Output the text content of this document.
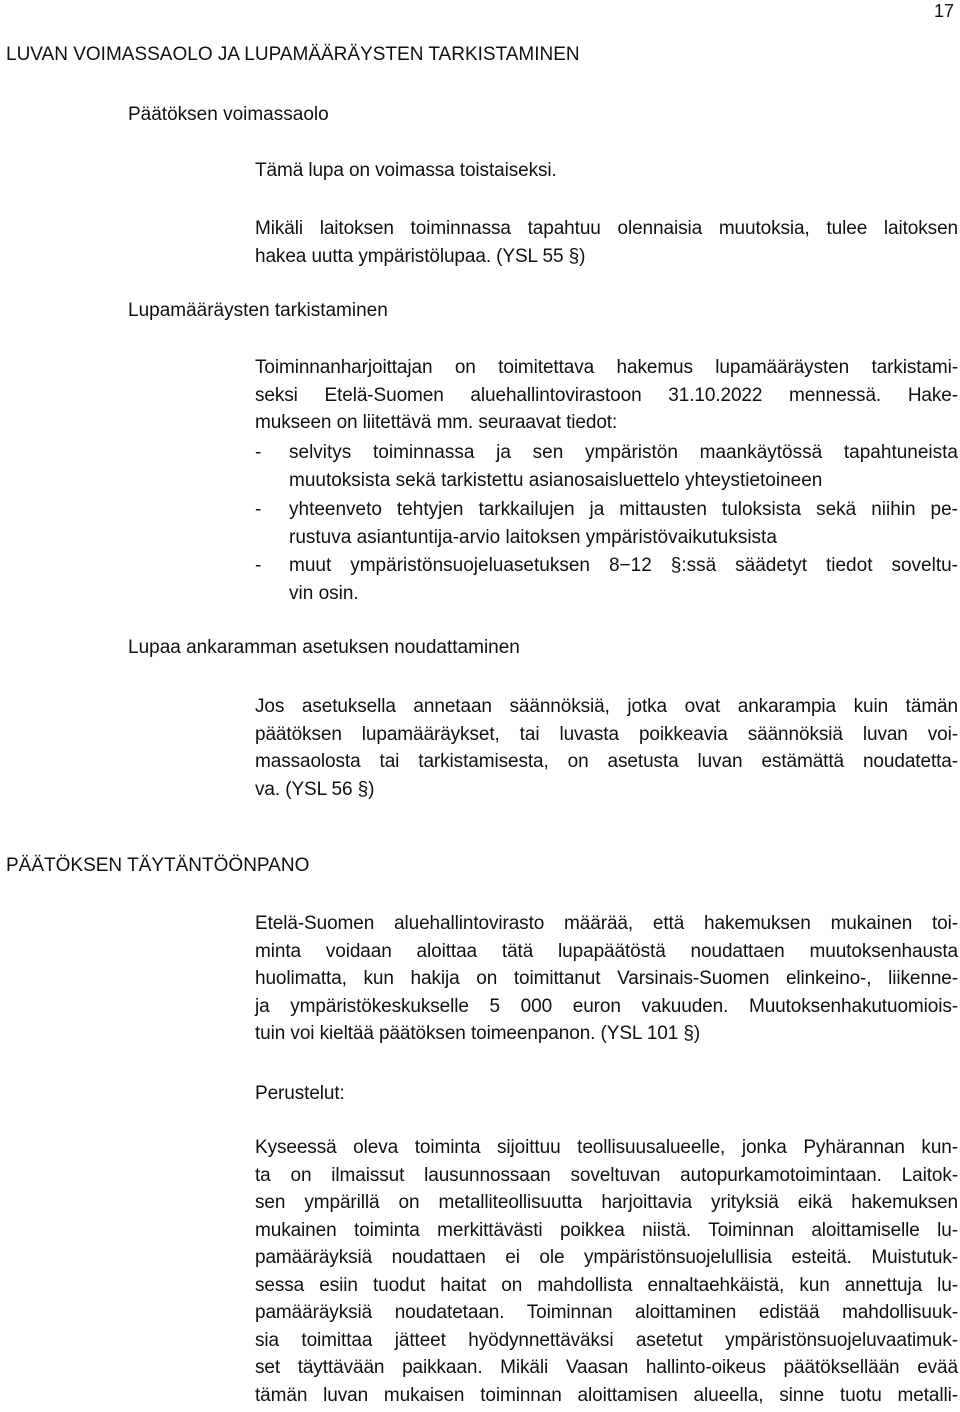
17
LUVAN VOIMASSAOLO JA LUPAMÄÄRÄYSTEN TARKISTAMINEN
Päätöksen voimassaolo
Tämä lupa on voimassa toistaiseksi.
Mikäli laitoksen toiminnassa tapahtuu olennaisia muutoksia, tulee laitoksen
hakea uutta ympäristölupaa. (YSL 55 §)
Lupamääräysten tarkistaminen
Toiminnanharjoittajan on toimitettava hakemus lupamääräysten tarkistami-
seksi Etelä-Suomen aluehallintovirastoon 31.10.2022 mennessä. Hake-
mukseen on liitettävä mm. seuraavat tiedot:
- selvitys toiminnassa ja sen ympäristön maankäytössä tapahtuneista
muutoksista sekä tarkistettu asianosaisluettelo yhteystietoineen
- yhteenveto tehtyjen tarkkailujen ja mittausten tuloksista sekä niihin pe-
rustuva asiantuntija-arvio laitoksen ympäristövaikutuksista
- muut ympäristönsuojeluasetuksen 8−12 §:ssä säädetyt tiedot soveltu-
vin osin.
Lupaa ankaramman asetuksen noudattaminen
Jos asetuksella annetaan säännöksiä, jotka ovat ankarampia kuin tämän
päätöksen lupamääräykset, tai luvasta poikkeavia säännöksiä luvan voi-
massaolosta tai tarkistamisesta, on asetusta luvan estämättä noudatetta-
va. (YSL 56 §)
PÄÄTÖKSEN TÄYTÄNTÖÖNPANO
Etelä-Suomen aluehallintovirasto määrää, että hakemuksen mukainen toi-
minta voidaan aloittaa tätä lupapäätöstä noudattaen muutoksenhausta
huolimatta, kun hakija on toimittanut Varsinais-Suomen elinkeino-, liikenne-
ja ympäristökeskukselle 5 000 euron vakuuden. Muutoksenhakutuomiois-
tuin voi kieltää päätöksen toimeenpanon. (YSL 101 §)
Perustelut:
Kyseessä oleva toiminta sijoittuu teollisuusalueelle, jonka Pyhärannan kun-
ta on ilmaissut lausunnossaan soveltuvan autopurkamotoimintaan. Laitok-
sen ympärillä on metalliteollisuutta harjoittavia yrityksiä eikä hakemuksen
mukainen toiminta merkittävästi poikkea niistä. Toiminnan aloittamiselle lu-
pamääräyksiä noudattaen ei ole ympäristönsuojelullisia esteitä. Muistutuk-
sessa esiin tuodut haitat on mahdollista ennaltaehkäistä, kun annettuja lu-
pamääräyksiä noudatetaan. Toiminnan aloittaminen edistää mahdollisuuk-
sia toimittaa jätteet hyödynnettäväksi asetetut ympäristönsuojeluvaatimuk-
set täyttävään paikkaan. Mikäli Vaasan hallinto-oikeus päätöksellään evää
tämän luvan mukaisen toiminnan aloittamisen alueella, sinne tuotu metalli-
